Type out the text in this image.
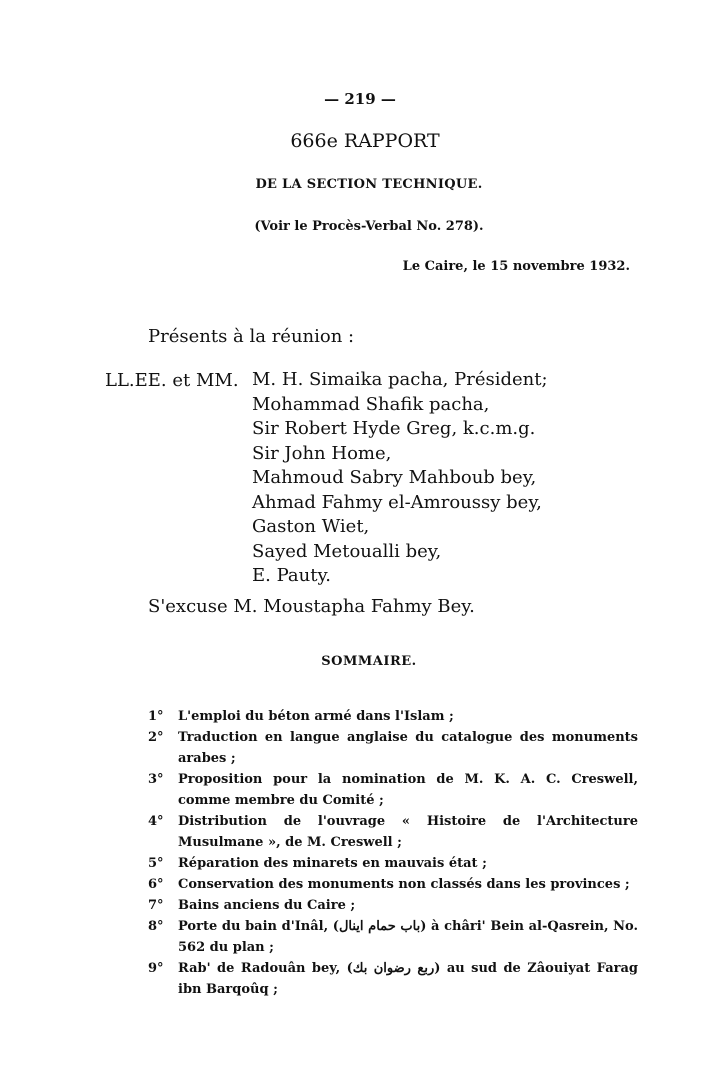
— 219 —
666e RAPPORT
DE LA SECTION TECHNIQUE.
(Voir le Procès-Verbal No. 278).
Le Caire, le 15 novembre 1932.
Présents à la réunion :
LL.EE. et MM. M. H. Simaika pacha, Président;
Mohammad Shafik pacha,
Sir Robert Hyde Greg, k.c.m.g.
Sir John Home,
Mahmoud Sabry Mahboub bey,
Ahmad Fahmy el-Amroussy bey,
Gaston Wiet,
Sayed Metoualli bey,
E. Pauty.
S'excuse M. Moustapha Fahmy Bey.
SOMMAIRE.
1°	L'emploi du béton armé dans l'Islam ;
2°	Traduction en langue anglaise du catalogue des monuments arabes ;
3°	Proposition pour la nomination de M. K. A. C. Creswell, comme membre du Comité ;
4°	Distribution de l'ouvrage « Histoire de l'Architecture Musulmane », de M. Creswell ;
5°	Réparation des minarets en mauvais état ;
6°	Conservation des monuments non classés dans les provinces ;
7°	Bains anciens du Caire ;
8°	Porte du bain d'Inâl, (باب حمام اينال) à châri' Bein al-Qasrein, No. 562 du plan ;
9°	Rab' de Radouân bey, (ربع رضوان بك) au sud de Zâouiyat Farag ibn Barqoûq ;
